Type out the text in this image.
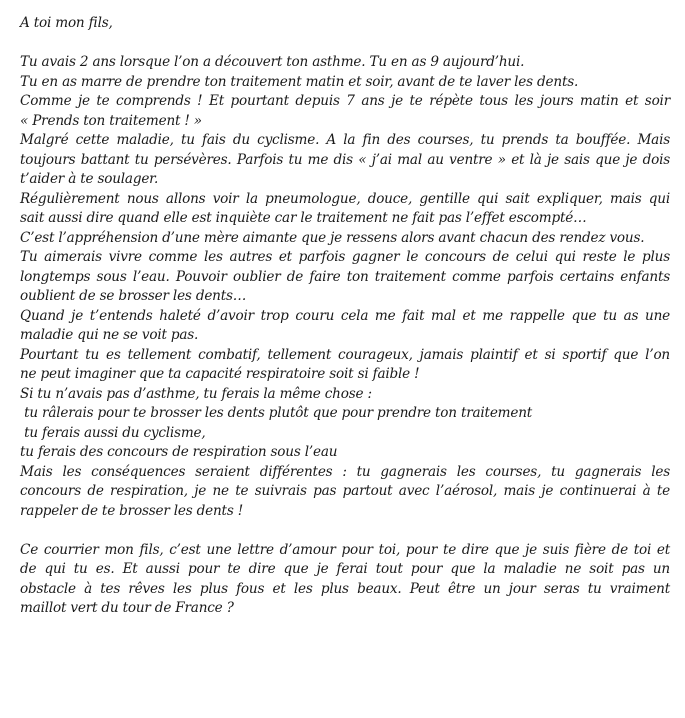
A toi mon fils,
Tu avais 2 ans lorsque l’on a découvert ton asthme. Tu en as 9 aujourd’hui.
Tu en as marre de prendre ton traitement matin et soir, avant de te laver les dents.
Comme je te comprends ! Et pourtant depuis 7 ans je te répète tous les jours matin et soir
« Prends ton traitement ! »
Malgré cette maladie, tu fais du cyclisme. A la fin des courses, tu prends ta bouffée. Mais
toujours battant tu persévères. Parfois tu me dis « j’ai mal au ventre » et là je sais que je dois
t’aider à te soulager.
Régulièrement nous allons voir la pneumologue, douce, gentille qui sait expliquer, mais qui
sait aussi dire quand elle est inquiète car le traitement ne fait pas l’effet escompté…
C’est l’appréhension d’une mère aimante que je ressens alors avant chacun des rendez vous.
Tu aimerais vivre comme les autres et parfois gagner le concours de celui qui reste le plus
longtemps sous l’eau. Pouvoir oublier de faire ton traitement comme parfois certains enfants
oublient de se brosser les dents…
Quand je t’entends haleté d’avoir trop couru cela me fait mal et me rappelle que tu as une
maladie qui ne se voit pas.
Pourtant tu es tellement combatif, tellement courageux, jamais plaintif et si sportif que l’on
ne peut imaginer que ta capacité respiratoire soit si faible !
Si tu n’avais pas d’asthme, tu ferais la même chose :
tu râlerais pour te brosser les dents plutôt que pour prendre ton traitement
tu ferais aussi du cyclisme,
tu ferais des concours de respiration sous l’eau
Mais les conséquences seraient différentes : tu gagnerais les courses, tu gagnerais les
concours de respiration, je ne te suivrais pas partout avec l’aérosol, mais je continuerai à te
rappeler de te brosser les dents !
Ce courrier mon fils, c’est une lettre d’amour pour toi, pour te dire que je suis fière de toi et
de qui tu es. Et aussi pour te dire que je ferai tout pour que la maladie ne soit pas un
obstacle à tes rêves les plus fous et les plus beaux. Peut être un jour seras tu vraiment
maillot vert du tour de France ?
